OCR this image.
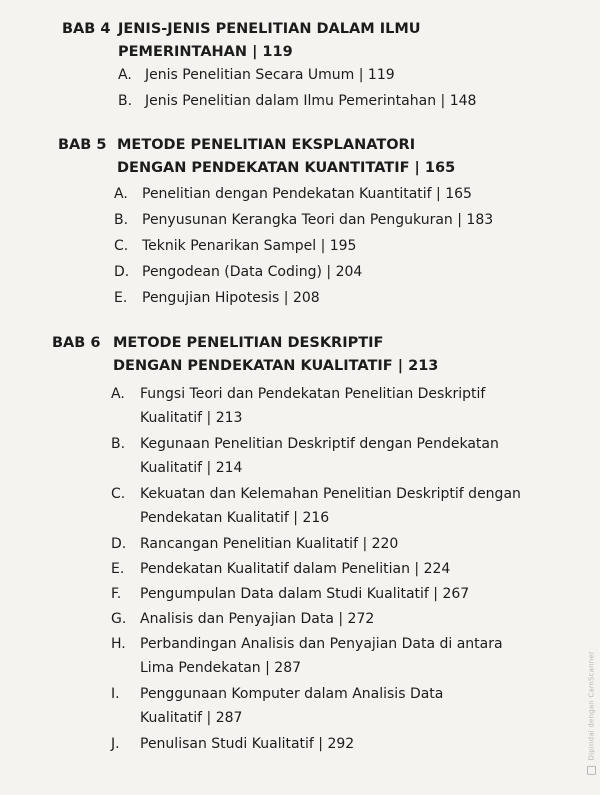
BAB 4 JENIS-JENIS PENELITIAN DALAM ILMU
PEMERINTAHAN | 119
A. Jenis Penelitian Secara Umum | 119
B. Jenis Penelitian dalam Ilmu Pemerintahan | 148
BAB 5 METODE PENELITIAN EKSPLANATORI
DENGAN PENDEKATAN KUANTITATIF | 165
A. Penelitian dengan Pendekatan Kuantitatif | 165
B. Penyusunan Kerangka Teori dan Pengukuran | 183
C. Teknik Penarikan Sampel | 195
D. Pengodean (Data Coding) | 204
E. Pengujian Hipotesis | 208
BAB 6 METODE PENELITIAN DESKRIPTIF
DENGAN PENDEKATAN KUALITATIF | 213
A. Fungsi Teori dan Pendekatan Penelitian Deskriptif
Kualitatif | 213
B. Kegunaan Penelitian Deskriptif dengan Pendekatan
Kualitatif | 214
C. Kekuatan dan Kelemahan Penelitian Deskriptif dengan
Pendekatan Kualitatif | 216
D. Rancangan Penelitian Kualitatif | 220
E. Pendekatan Kualitatif dalam Penelitian | 224
F. Pengumpulan Data dalam Studi Kualitatif | 267
G. Analisis dan Penyajian Data | 272
H. Perbandingan Analisis dan Penyajian Data di antara
Lima Pendekatan | 287
I. Penggunaan Komputer dalam Analisis Data
Kualitatif | 287
J. Penulisan Studi Kualitatif | 292	Dipindai dengan CamScanner
